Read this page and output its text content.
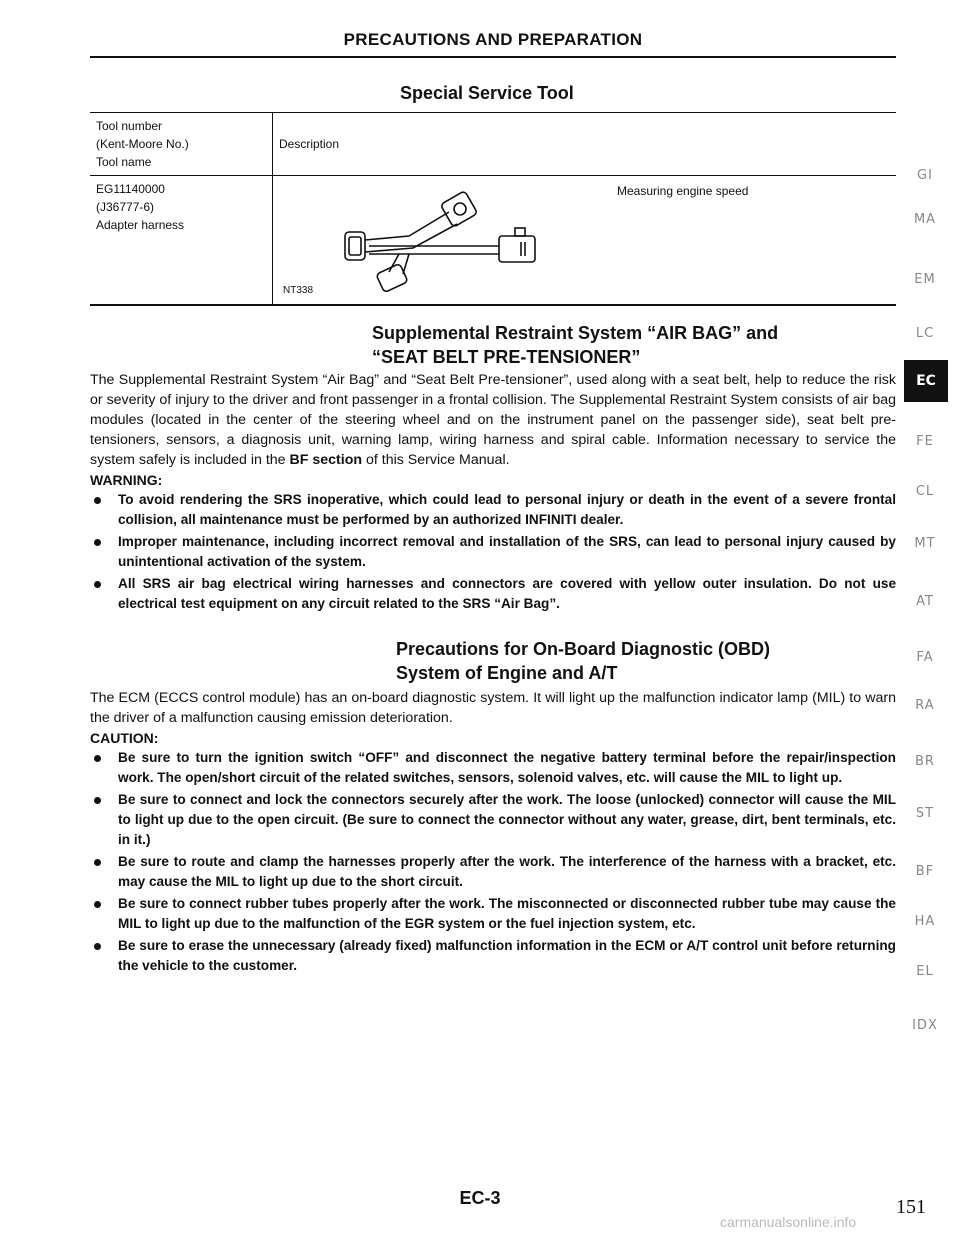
PRECAUTIONS AND PREPARATION

Special Service Tool

Tool number
(Kent-Moore No.)
Tool name	Description

EG11140000
(J36777-6)
Adapter harness	Measuring engine speed
NT338

Supplemental Restraint System “AIR BAG” and

“SEAT BELT PRE-TENSIONER”

The Supplemental Restraint System “Air Bag” and “Seat Belt Pre-tensioner”, used along with a seat belt, help to reduce the risk or severity of injury to the driver and front passenger in a frontal collision. The Supplemental Restraint System consists of air bag modules (located in the center of the steering wheel and on the instrument panel on the passenger side), seat belt pre-tensioners, sensors, a diagnosis unit, warning lamp, wiring harness and spiral cable. Information necessary to service the system safely is included in the BF section of this Service Manual.

WARNING:

To avoid rendering the SRS inoperative, which could lead to personal injury or death in the event of a severe frontal collision, all maintenance must be performed by an authorized INFINITI dealer.
Improper maintenance, including incorrect removal and installation of the SRS, can lead to personal injury caused by unintentional activation of the system.
All SRS air bag electrical wiring harnesses and connectors are covered with yellow outer insulation. Do not use electrical test equipment on any circuit related to the SRS “Air Bag”.

Precautions for On-Board Diagnostic (OBD)

System of Engine and A/T

The ECM (ECCS control module) has an on-board diagnostic system. It will light up the malfunction indicator lamp (MIL) to warn the driver of a malfunction causing emission deterioration.

CAUTION:

Be sure to turn the ignition switch “OFF” and disconnect the negative battery terminal before the repair/inspection work. The open/short circuit of the related switches, sensors, solenoid valves, etc. will cause the MIL to light up.
Be sure to connect and lock the connectors securely after the work. The loose (unlocked) connector will cause the MIL to light up due to the open circuit. (Be sure to connect the connector without any water, grease, dirt, bent terminals, etc. in it.)
Be sure to route and clamp the harnesses properly after the work. The interference of the harness with a bracket, etc. may cause the MIL to light up due to the short circuit.
Be sure to connect rubber tubes properly after the work. The misconnected or disconnected rubber tube may cause the MIL to light up due to the malfunction of the EGR system or the fuel injection system, etc.
Be sure to erase the unnecessary (already fixed) malfunction information in the ECM or A/T control unit before returning the vehicle to the customer.
GI
MA
EM
LC
EC
FE
CL
MT
AT
FA
RA
BR
ST
BF
HA
EL
IDX

EC-3	151

carmanualsonline.info
